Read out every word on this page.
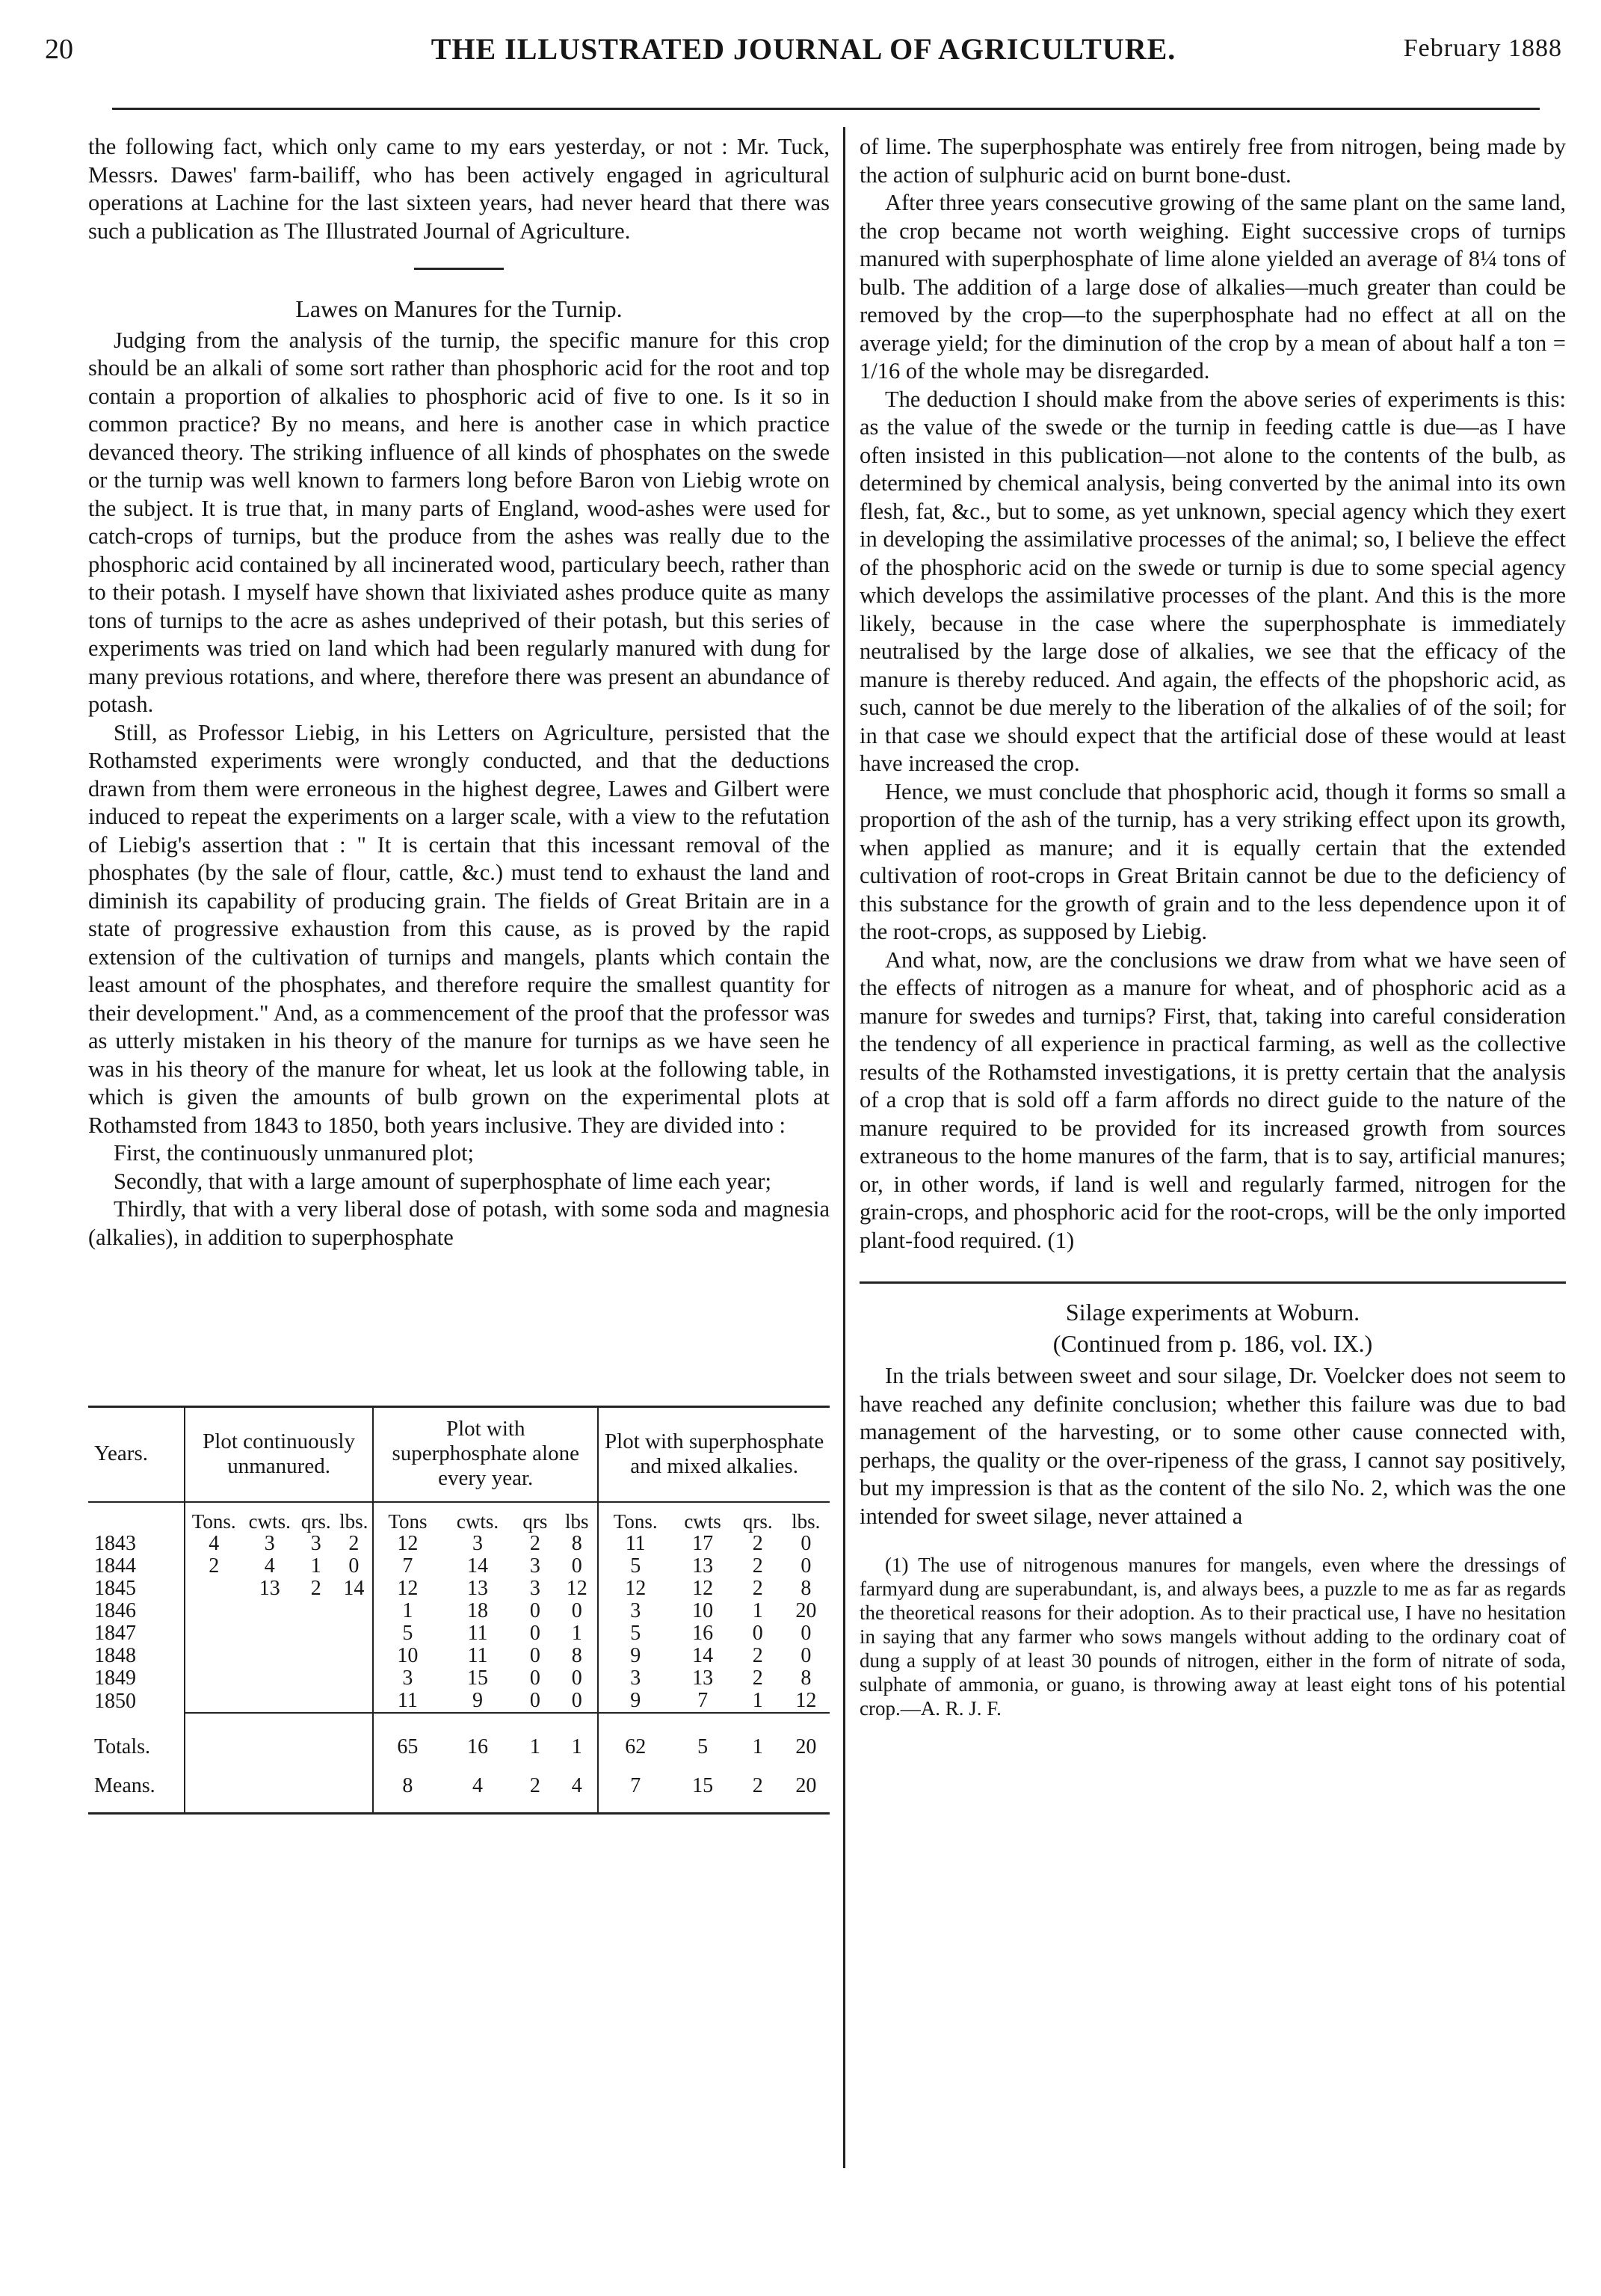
20	THE ILLUSTRATED JOURNAL OF AGRICULTURE.	February 1888

the following fact, which only came to my ears yesterday, or not : Mr. Tuck, Messrs. Dawes' farm-bailiff, who has been actively engaged in agricultural operations at Lachine for the last sixteen years, had never heard that there was such a publication as The Illustrated Journal of Agriculture.

Lawes on Manures for the Turnip.

Judging from the analysis of the turnip, the specific manure for this crop should be an alkali of some sort rather than phosphoric acid for the root and top contain a proportion of alkalies to phosphoric acid of five to one. Is it so in common practice? By no means, and here is another case in which practice devanced theory. The striking influence of all kinds of phosphates on the swede or the turnip was well known to farmers long before Baron von Liebig wrote on the subject. It is true that, in many parts of England, wood-ashes were used for catch-crops of turnips, but the produce from the ashes was really due to the phosphoric acid contained by all incinerated wood, particulary beech, rather than to their potash. I myself have shown that lixiviated ashes produce quite as many tons of turnips to the acre as ashes undeprived of their potash, but this series of experiments was tried on land which had been regularly manured with dung for many previous rotations, and where, therefore there was present an abundance of potash.

Still, as Professor Liebig, in his Letters on Agriculture, persisted that the Rothamsted experiments were wrongly conducted, and that the deductions drawn from them were erroneous in the highest degree, Lawes and Gilbert were induced to repeat the experiments on a larger scale, with a view to the refutation of Liebig's assertion that : " It is certain that this incessant removal of the phosphates (by the sale of flour, cattle, &c.) must tend to exhaust the land and diminish its capability of producing grain. The fields of Great Britain are in a state of progressive exhaustion from this cause, as is proved by the rapid extension of the cultivation of turnips and mangels, plants which contain the least amount of the phosphates, and therefore require the smallest quantity for their development." And, as a commencement of the proof that the professor was as utterly mistaken in his theory of the manure for turnips as we have seen he was in his theory of the manure for wheat, let us look at the following table, in which is given the amounts of bulb grown on the experimental plots at Rothamsted from 1843 to 1850, both years inclusive. They are divided into :

First, the continuously unmanured plot;

Secondly, that with a large amount of superphosphate of lime each year;

Thirdly, that with a very liberal dose of potash, with some soda and magnesia (alkalies), in addition to superphosphate

Years.	Plot continuously unmanured.				Plot with superphosphate alone every year.				Plot with superphosphate and mixed alkalies.			
	Tons.	cwts.	qrs.	lbs.	Tons	cwts.	qrs	lbs	Tons.	cwts	qrs.	lbs.
1843	4	3	3	2	12	3	2	8	11	17	2	0
1844	2	4	1	0	7	14	3	0	5	13	2	0
1845		13	2	14	12	13	3	12	12	12	2	8
1846					1	18	0	0	3	10	1	20
1847					5	11	0	1	5	16	0	0
1848					10	11	0	8	9	14	2	0
1849					3	15	0	0	3	13	2	8
1850					11	9	0	0	9	7	1	12
Totals.					65	16	1	1	62	5	1	20
Means.					8	4	2	4	7	15	2	20

of lime. The superphosphate was entirely free from nitrogen, being made by the action of sulphuric acid on burnt bone-dust.

After three years consecutive growing of the same plant on the same land, the crop became not worth weighing. Eight successive crops of turnips manured with superphosphate of lime alone yielded an average of 8¼ tons of bulb. The addition of a large dose of alkalies—much greater than could be removed by the crop—to the superphosphate had no effect at all on the average yield; for the diminution of the crop by a mean of about half a ton = 1/16 of the whole may be disregarded.

The deduction I should make from the above series of experiments is this: as the value of the swede or the turnip in feeding cattle is due—as I have often insisted in this publication—not alone to the contents of the bulb, as determined by chemical analysis, being converted by the animal into its own flesh, fat, &c., but to some, as yet unknown, special agency which they exert in developing the assimilative processes of the animal; so, I believe the effect of the phosphoric acid on the swede or turnip is due to some special agency which develops the assimilative processes of the plant. And this is the more likely, because in the case where the superphosphate is immediately neutralised by the large dose of alkalies, we see that the efficacy of the manure is thereby reduced. And again, the effects of the phopshoric acid, as such, cannot be due merely to the liberation of the alkalies of of the soil; for in that case we should expect that the artificial dose of these would at least have increased the crop.

Hence, we must conclude that phosphoric acid, though it forms so small a proportion of the ash of the turnip, has a very striking effect upon its growth, when applied as manure; and it is equally certain that the extended cultivation of root-crops in Great Britain cannot be due to the deficiency of this substance for the growth of grain and to the less dependence upon it of the root-crops, as supposed by Liebig.

And what, now, are the conclusions we draw from what we have seen of the effects of nitrogen as a manure for wheat, and of phosphoric acid as a manure for swedes and turnips? First, that, taking into careful consideration the tendency of all experience in practical farming, as well as the collective results of the Rothamsted investigations, it is pretty certain that the analysis of a crop that is sold off a farm affords no direct guide to the nature of the manure required to be provided for its increased growth from sources extraneous to the home manures of the farm, that is to say, artificial manures; or, in other words, if land is well and regularly farmed, nitrogen for the grain-crops, and phosphoric acid for the root-crops, will be the only imported plant-food required. (1)

Silage experiments at Woburn.
(Continued from p. 186, vol. IX.)

In the trials between sweet and sour silage, Dr. Voelcker does not seem to have reached any definite conclusion; whether this failure was due to bad management of the harvesting, or to some other cause connected with, perhaps, the quality or the over-ripeness of the grass, I cannot say positively, but my impression is that as the content of the silo No. 2, which was the one intended for sweet silage, never attained a

(1) The use of nitrogenous manures for mangels, even where the dressings of farmyard dung are superabundant, is, and always bees, a puzzle to me as far as regards the theoretical reasons for their adoption. As to their practical use, I have no hesitation in saying that any farmer who sows mangels without adding to the ordinary coat of dung a supply of at least 30 pounds of nitrogen, either in the form of nitrate of soda, sulphate of ammonia, or guano, is throwing away at least eight tons of his potential crop.—A. R. J. F.
